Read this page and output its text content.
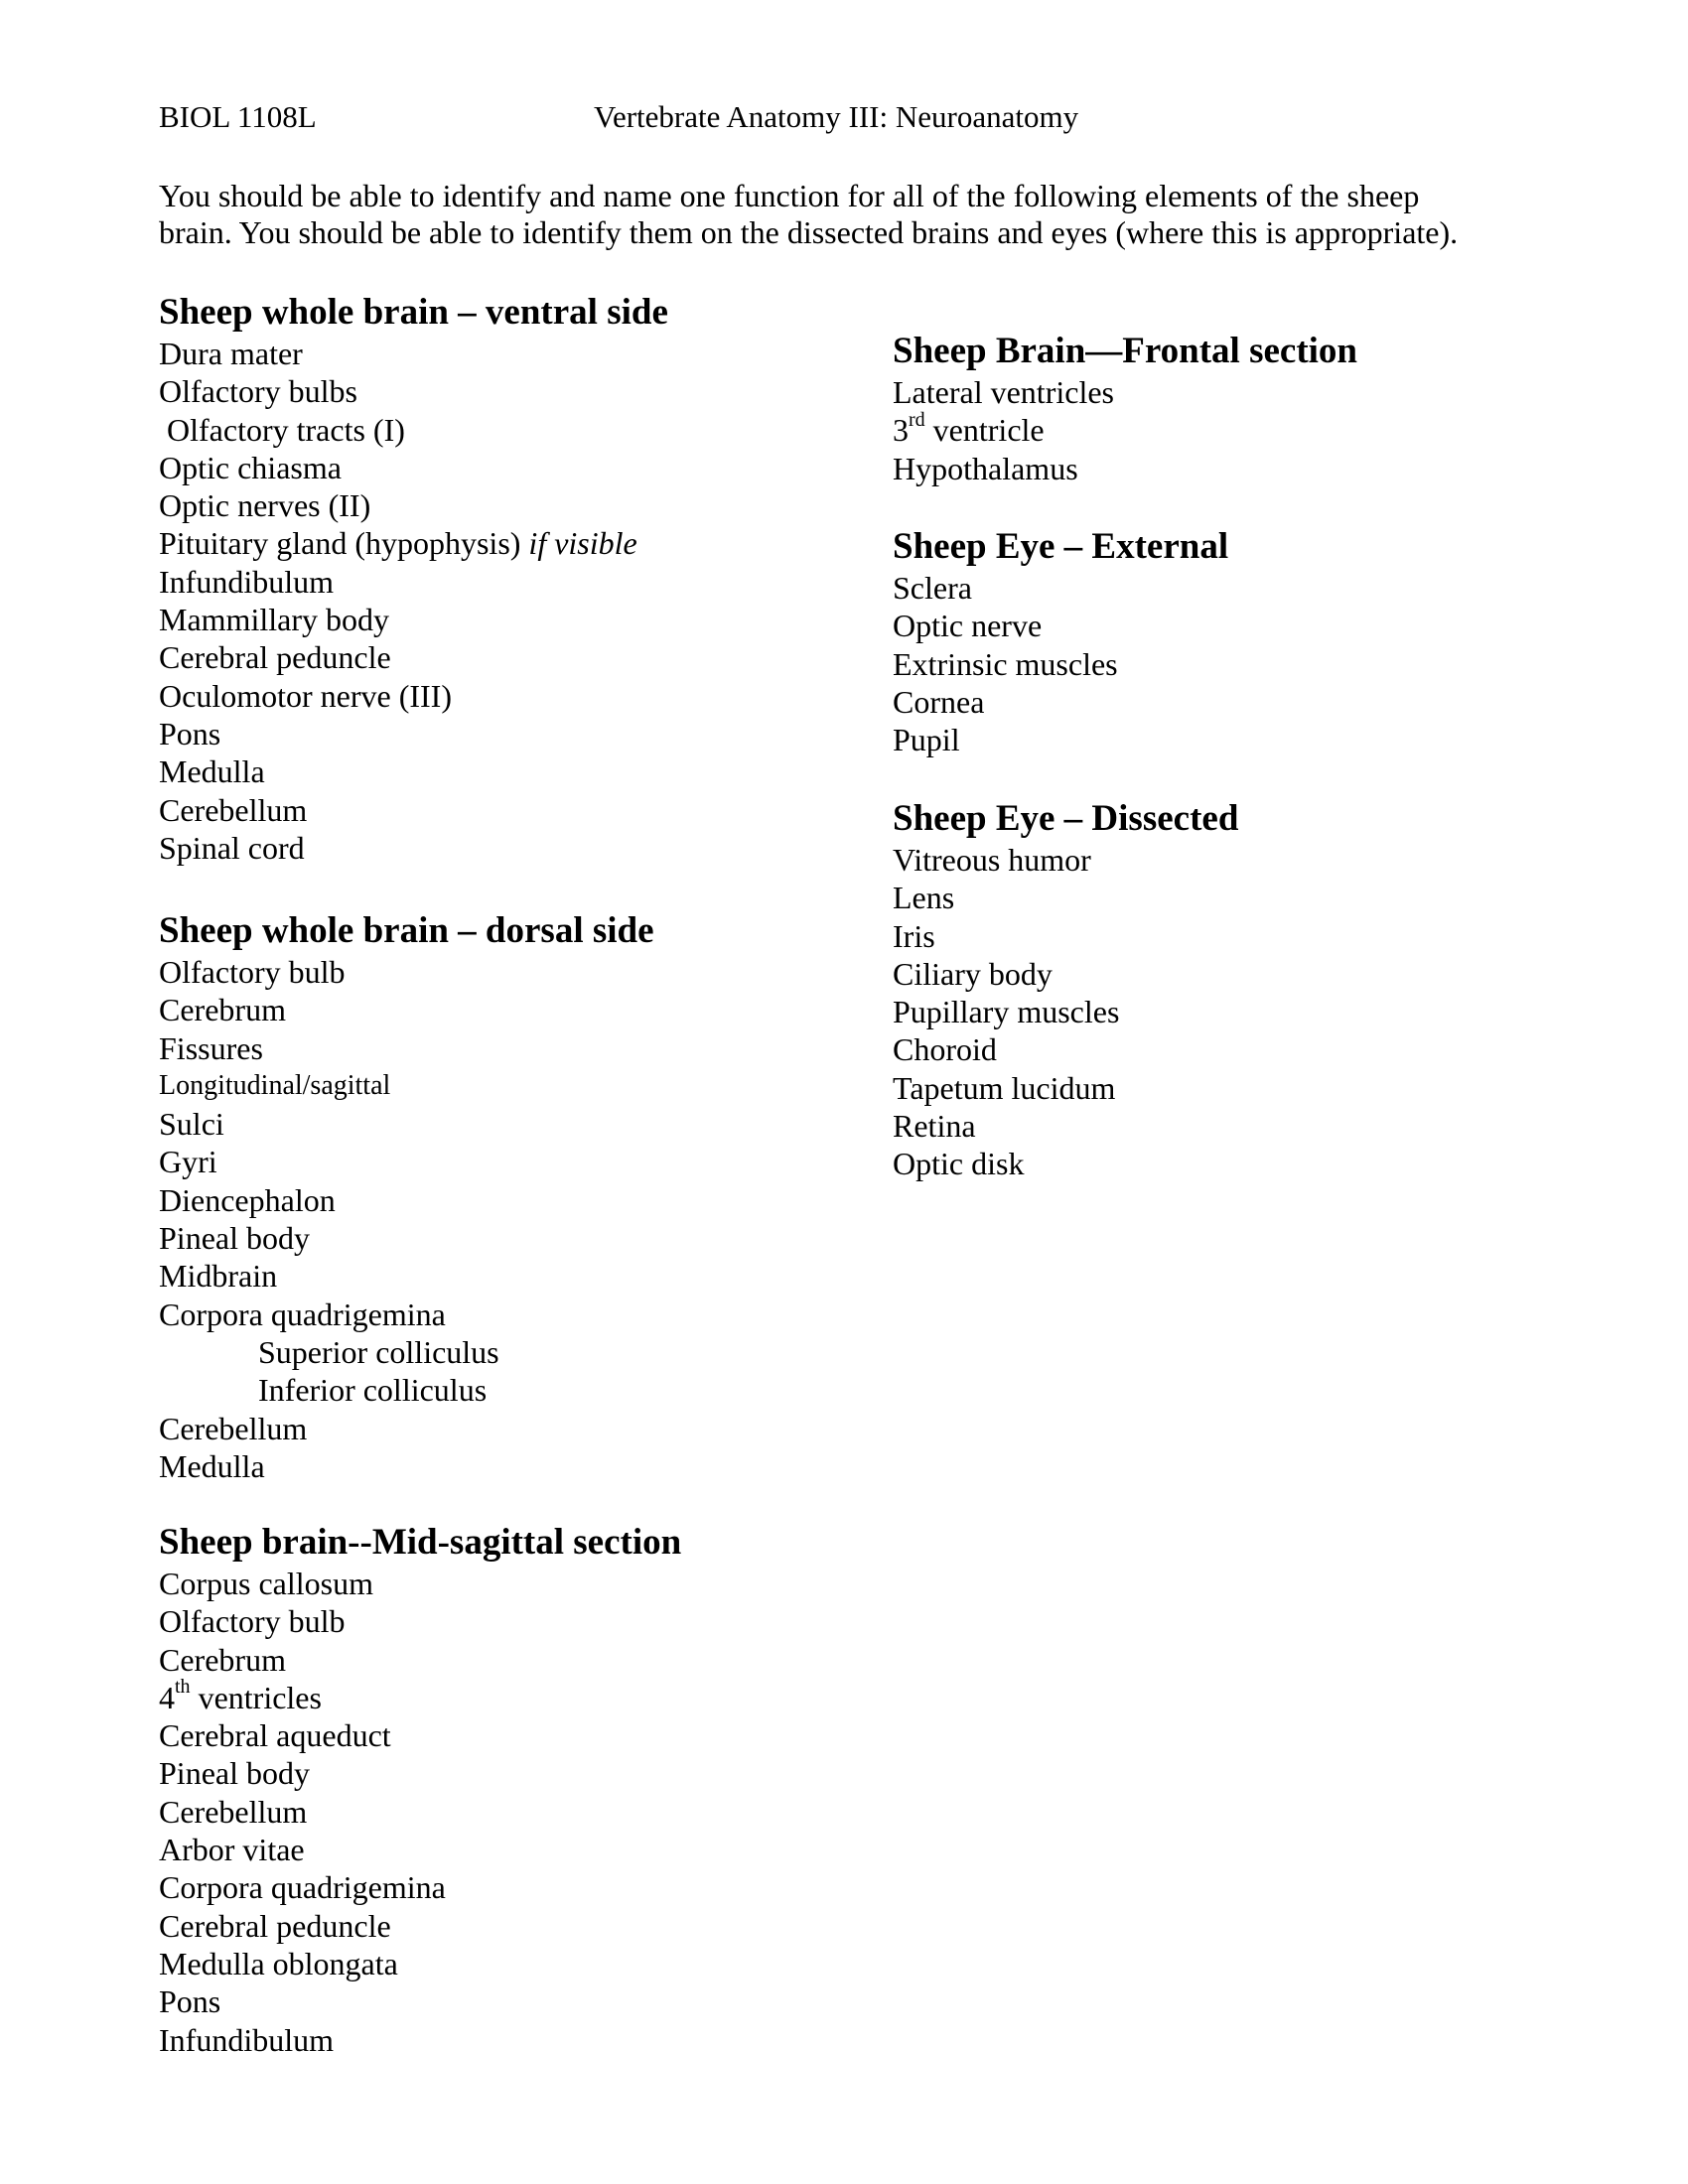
BIOL 1108L	Vertebrate Anatomy III: Neuroanatomy
You should be able to identify and name one function for all of the following elements of the sheep
brain. You should be able to identify them on the dissected brains and eyes (where this is appropriate).
Sheep whole brain – ventral side
Dura mater
Olfactory bulbs
Olfactory tracts (I)
Optic chiasma
Optic nerves (II)
Pituitary gland (hypophysis) if visible
Infundibulum
Mammillary body
Cerebral peduncle
Oculomotor nerve (III)
Pons
Medulla
Cerebellum
Spinal cord
Sheep whole brain – dorsal side
Olfactory bulb
Cerebrum
Fissures
Longitudinal/sagittal
Sulci
Gyri
Diencephalon
Pineal body
Midbrain
Corpora quadrigemina
Superior colliculus
Inferior colliculus
Cerebellum
Medulla
Sheep brain--Mid-sagittal section
Corpus callosum
Olfactory bulb
Cerebrum
4th ventricles
Cerebral aqueduct
Pineal body
Cerebellum
Arbor vitae
Corpora quadrigemina
Cerebral peduncle
Medulla oblongata
Pons
Infundibulum
Sheep Brain—Frontal section
Lateral ventricles
3rd ventricle
Hypothalamus
Sheep Eye – External
Sclera
Optic nerve
Extrinsic muscles
Cornea
Pupil
Sheep Eye – Dissected
Vitreous humor
Lens
Iris
Ciliary body
Pupillary muscles
Choroid
Tapetum lucidum
Retina
Optic disk
